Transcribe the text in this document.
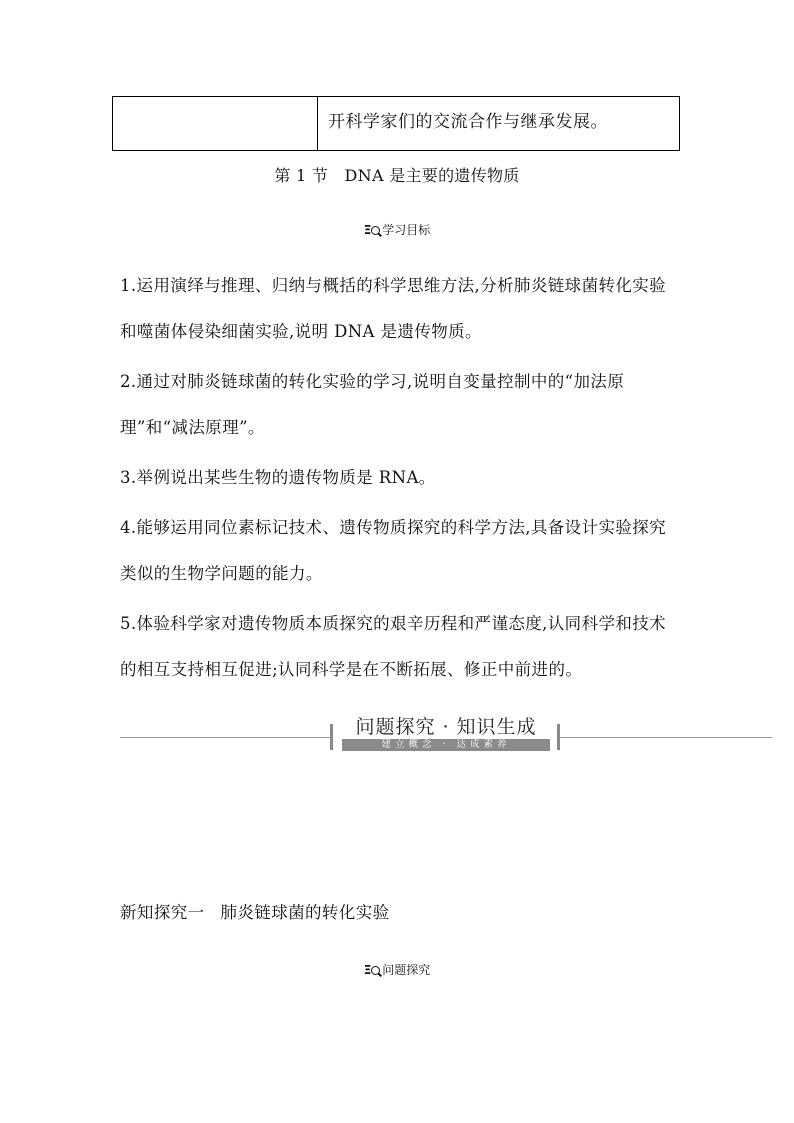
开科学家们的交流合作与继承发展。
第 1 节　DNA 是主要的遗传物质
Ξ	学习目标

1.运用演绎与推理、归纳与概括的科学思维方法,分析肺炎链球菌转化实验和噬菌体侵染细菌实验,说明 DNA 是遗传物质。

2.通过对肺炎链球菌的转化实验的学习,说明自变量控制中的“加法原理”和“减法原理”。

3.举例说出某些生物的遗传物质是 RNA。

4.能够运用同位素标记技术、遗传物质探究的科学方法,具备设计实验探究类似的生物学问题的能力。

5.体验科学家对遗传物质本质探究的艰辛历程和严谨态度,认同科学和技术的相互支持相互促进;认同科学是在不断拓展、修正中前进的。

问题探究 · 知识生成
建立概念 · 达成素养
新知探究一 肺炎链球菌的转化实验
Ξ	问题探究
